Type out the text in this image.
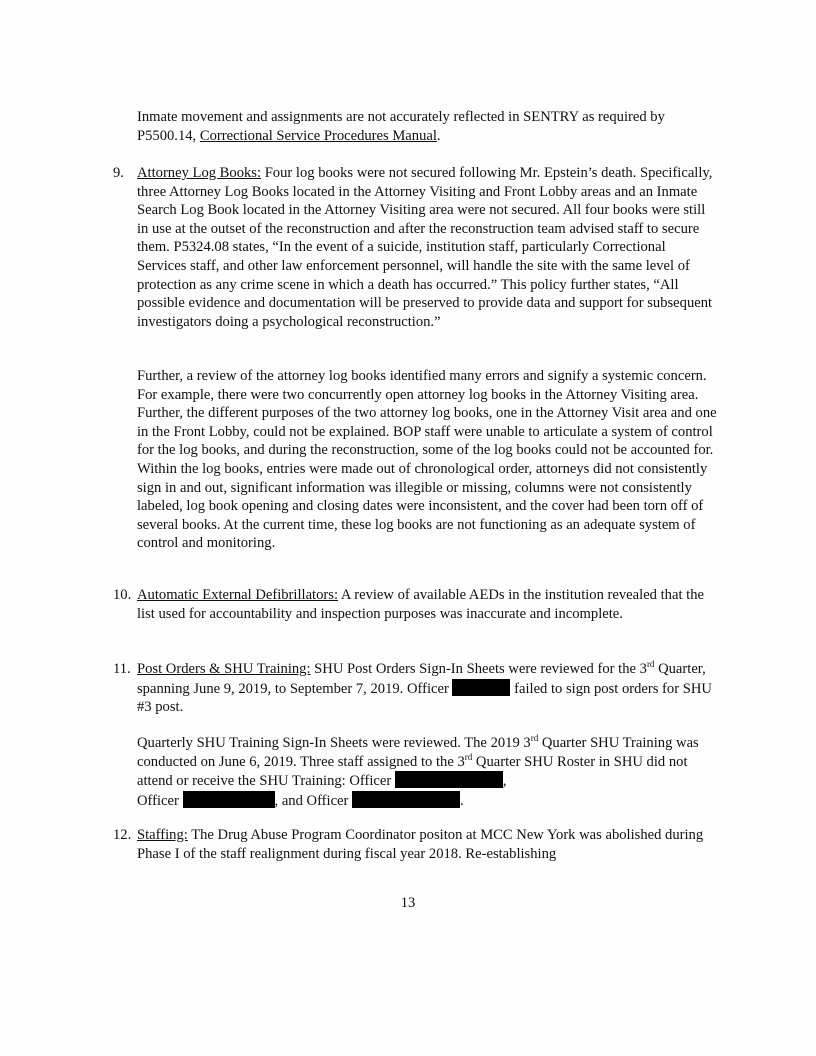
Inmate movement and assignments are not accurately reflected in SENTRY as required by P5500.14, Correctional Service Procedures Manual.
9. Attorney Log Books: Four log books were not secured following Mr. Epstein’s death. Specifically, three Attorney Log Books located in the Attorney Visiting and Front Lobby areas and an Inmate Search Log Book located in the Attorney Visiting area were not secured. All four books were still in use at the outset of the reconstruction and after the reconstruction team advised staff to secure them. P5324.08 states, “In the event of a suicide, institution staff, particularly Correctional Services staff, and other law enforcement personnel, will handle the site with the same level of protection as any crime scene in which a death has occurred.” This policy further states, “All possible evidence and documentation will be preserved to provide data and support for subsequent investigators doing a psychological reconstruction.”
Further, a review of the attorney log books identified many errors and signify a systemic concern. For example, there were two concurrently open attorney log books in the Attorney Visiting area. Further, the different purposes of the two attorney log books, one in the Attorney Visit area and one in the Front Lobby, could not be explained. BOP staff were unable to articulate a system of control for the log books, and during the reconstruction, some of the log books could not be accounted for. Within the log books, entries were made out of chronological order, attorneys did not consistently sign in and out, significant information was illegible or missing, columns were not consistently labeled, log book opening and closing dates were inconsistent, and the cover had been torn off of several books. At the current time, these log books are not functioning as an adequate system of control and monitoring.
10. Automatic External Defibrillators: A review of available AEDs in the institution revealed that the list used for accountability and inspection purposes was inaccurate and incomplete.
11. Post Orders & SHU Training: SHU Post Orders Sign-In Sheets were reviewed for the 3rd Quarter, spanning June 9, 2019, to September 7, 2019. Officer	failed to sign post orders for SHU #3 post.
Quarterly SHU Training Sign-In Sheets were reviewed. The 2019 3rd Quarter SHU Training was conducted on June 6, 2019. Three staff assigned to the 3rd Quarter SHU Roster in SHU did not attend or receive the SHU Training: Officer	,
Officer	, and Officer	.
12. Staffing: The Drug Abuse Program Coordinator positon at MCC New York was abolished during Phase I of the staff realignment during fiscal year 2018. Re-establishing
13
